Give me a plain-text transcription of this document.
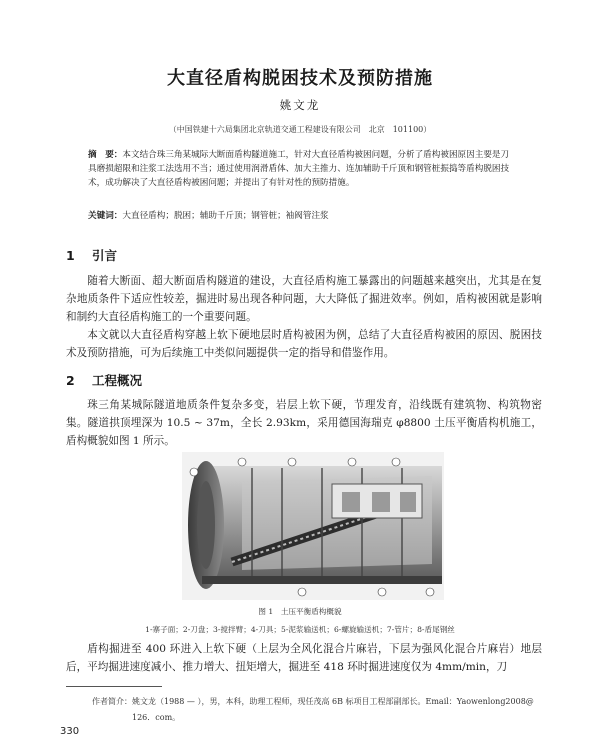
大直径盾构脱困技术及预防措施
姚文龙
（中国铁建十六局集团北京轨道交通工程建设有限公司　北京　101100）
摘　要：本文结合珠三角某城际大断面盾构隧道施工，针对大直径盾构被困问题，分析了盾构被困原因主要是刀具磨损超限和注浆工法选用不当；通过使用润滑盾体、加大主推力、连加辅助千斤顶和钢管桩振捣等盾构脱困技术，成功解决了大直径盾构被困问题；并提出了有针对性的预防措施。
关键词：大直径盾构；脱困；辅助千斤顶；钢管桩；袖阀管注浆
1 引言
随着大断面、超大断面盾构隧道的建设，大直径盾构施工暴露出的问题越来越突出，尤其是在复杂地质条件下适应性较差，掘进时易出现各种问题，大大降低了掘进效率。例如，盾构被困就是影响和制约大直径盾构施工的一个重要问题。
本文就以大直径盾构穿越上软下硬地层时盾构被困为例，总结了大直径盾构被困的原因、脱困技术及预防措施，可为后续施工中类似问题提供一定的指导和借鉴作用。
2 工程概况
珠三角某城际隧道地质条件复杂多变，岩层上软下硬，节理发育，沿线既有建筑物、构筑物密集。隧道拱顶埋深为 10.5 ~ 37m，全长 2.93km，采用德国海瑞克 φ8800 土压平衡盾构机施工，盾构概貌如图 1 所示。
图 1　土压平衡盾构概貌
1-寨子面；2-刀盘；3-搅拌臂；4-刀具；5-泥浆输送机；6-螺旋输送机；7-管片；8-盾尾钢丝
盾构掘进至 400 环进入上软下硬（上层为全风化混合片麻岩，下层为强风化混合片麻岩）地层后，平均掘进速度减小、推力增大、扭矩增大，掘进至 418 环时掘进速度仅为 4mm/min，刀
作者简介：姚文龙（1988 — ），男，本科，助理工程师，现任茂高 6B 标项目工程部副部长。Email：Yaowenlong2008@
126．com。
330
